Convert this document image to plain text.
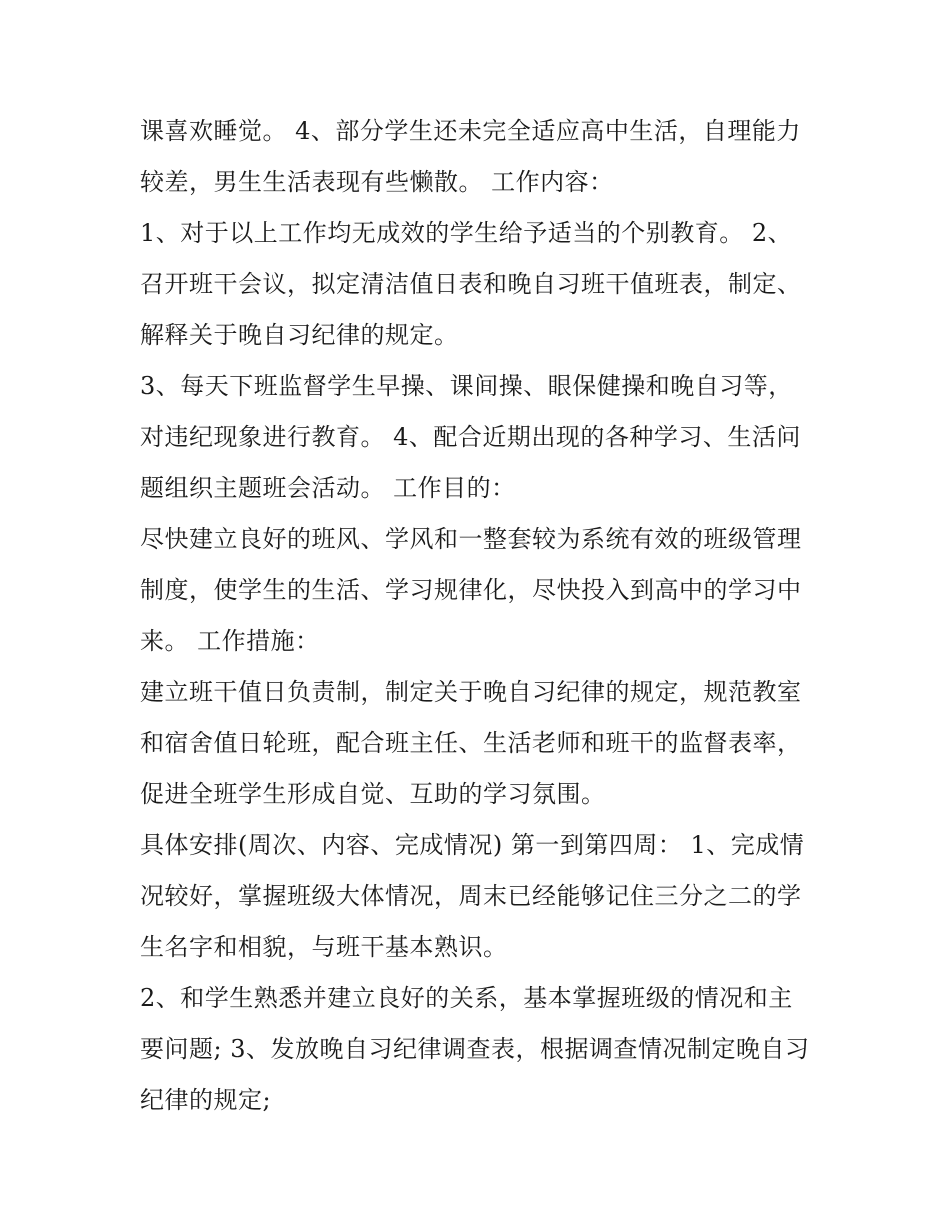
课喜欢睡觉。 4、部分学生还未完全适应高中生活，自理能力
较差，男生生活表现有些懒散。 工作内容：
1、对于以上工作均无成效的学生给予适当的个别教育。 2、
召开班干会议，拟定清洁值日表和晚自习班干值班表，制定、
解释关于晚自习纪律的规定。
3、每天下班监督学生早操、课间操、眼保健操和晚自习等，
对违纪现象进行教育。 4、配合近期出现的各种学习、生活问
题组织主题班会活动。 工作目的：
尽快建立良好的班风、学风和一整套较为系统有效的班级管理
制度，使学生的生活、学习规律化，尽快投入到高中的学习中
来。 工作措施：
建立班干值日负责制，制定关于晚自习纪律的规定，规范教室
和宿舍值日轮班，配合班主任、生活老师和班干的监督表率，
促进全班学生形成自觉、互助的学习氛围。
具体安排(周次、内容、完成情况) 第一到第四周： 1、完成情
况较好，掌握班级大体情况，周末已经能够记住三分之二的学
生名字和相貌，与班干基本熟识。
2、和学生熟悉并建立良好的关系，基本掌握班级的情况和主
要问题; 3、发放晚自习纪律调查表，根据调查情况制定晚自习
纪律的规定;
